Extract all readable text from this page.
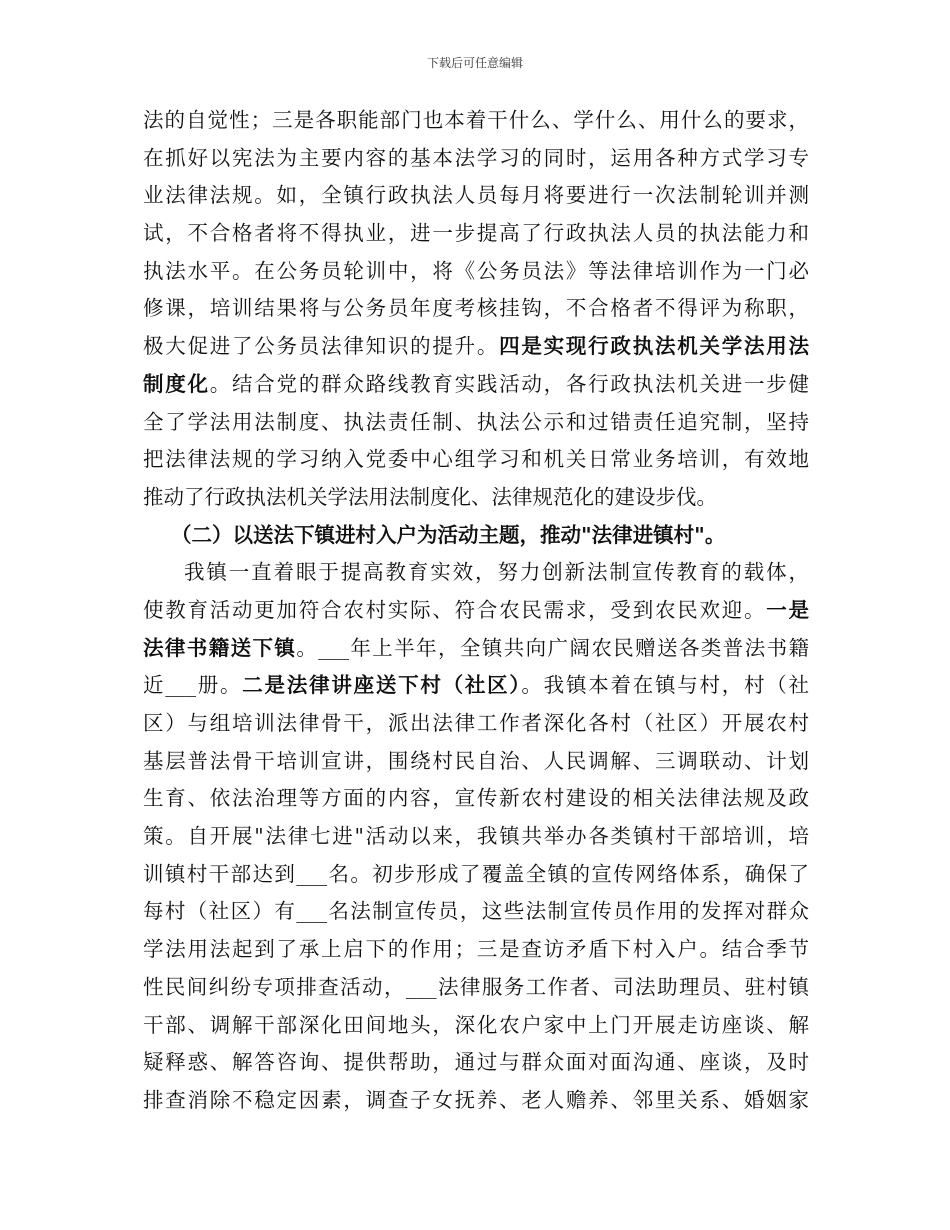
下载后可任意编辑
法的自觉性；三是各职能部门也本着干什么、学什么、用什么的要求，
在抓好以宪法为主要内容的基本法学习的同时，运用各种方式学习专
业法律法规。如，全镇行政执法人员每月将要进行一次法制轮训并测
试，不合格者将不得执业，进一步提高了行政执法人员的执法能力和
执法水平。在公务员轮训中，将《公务员法》等法律培训作为一门必
修课，培训结果将与公务员年度考核挂钩，不合格者不得评为称职，
极大促进了公务员法律知识的提升。四是实现行政执法机关学法用法
制度化。结合党的群众路线教育实践活动，各行政执法机关进一步健
全了学法用法制度、执法责任制、执法公示和过错责任追究制，坚持
把法律法规的学习纳入党委中心组学习和机关日常业务培训，有效地
推动了行政执法机关学法用法制度化、法律规范化的建设步伐。
（二）以送法下镇进村入户为活动主题，推动"法律进镇村"。
我镇一直着眼于提高教育实效，努力创新法制宣传教育的载体，
使教育活动更加符合农村实际、符合农民需求，受到农民欢迎。一是
法律书籍送下镇。___年上半年，全镇共向广阔农民赠送各类普法书籍
近___册。二是法律讲座送下村（社区）。我镇本着在镇与村，村（社
区）与组培训法律骨干，派出法律工作者深化各村（社区）开展农村
基层普法骨干培训宣讲，围绕村民自治、人民调解、三调联动、计划
生育、依法治理等方面的内容，宣传新农村建设的相关法律法规及政
策。自开展"法律七进"活动以来，我镇共举办各类镇村干部培训，培
训镇村干部达到___名。初步形成了覆盖全镇的宣传网络体系，确保了
每村（社区）有___名法制宣传员，这些法制宣传员作用的发挥对群众
学法用法起到了承上启下的作用；三是查访矛盾下村入户。结合季节
性民间纠纷专项排查活动，___法律服务工作者、司法助理员、驻村镇
干部、调解干部深化田间地头，深化农户家中上门开展走访座谈、解
疑释惑、解答咨询、提供帮助，通过与群众面对面沟通、座谈，及时
排查消除不稳定因素，调查子女抚养、老人赡养、邻里关系、婚姻家
